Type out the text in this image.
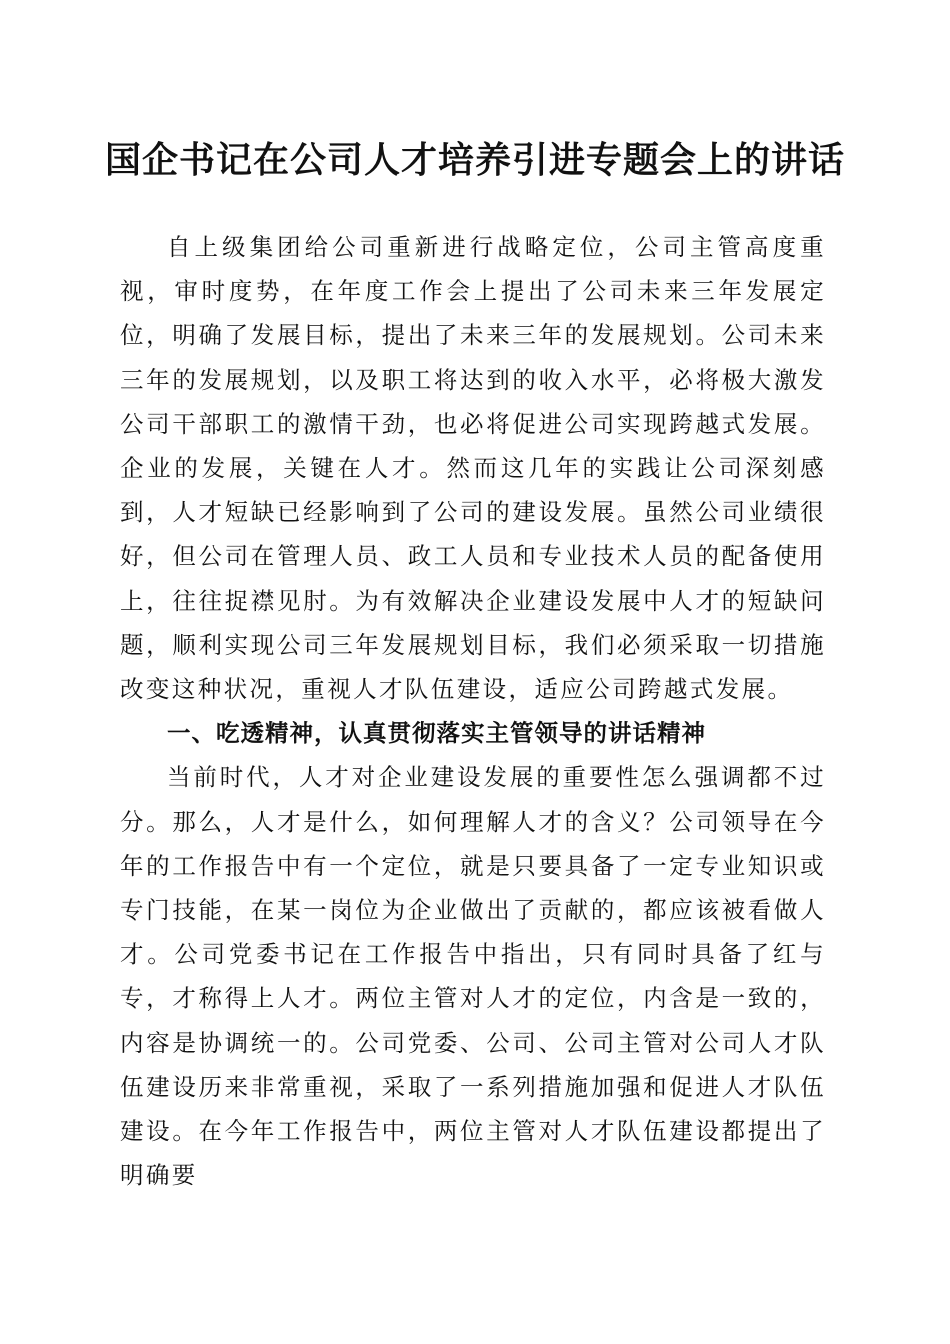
国企书记在公司人才培养引进专题会上的讲话

自上级集团给公司重新进行战略定位，公司主管高度重视，审时度势，在年度工作会上提出了公司未来三年发展定位，明确了发展目标，提出了未来三年的发展规划。公司未来三年的发展规划，以及职工将达到的收入水平，必将极大激发公司干部职工的激情干劲，也必将促进公司实现跨越式发展。企业的发展，关键在人才。然而这几年的实践让公司深刻感到，人才短缺已经影响到了公司的建设发展。虽然公司业绩很好，但公司在管理人员、政工人员和专业技术人员的配备使用上，往往捉襟见肘。为有效解决企业建设发展中人才的短缺问题，顺利实现公司三年发展规划目标，我们必须采取一切措施改变这种状况，重视人才队伍建设，适应公司跨越式发展。

一、吃透精神，认真贯彻落实主管领导的讲话精神

当前时代，人才对企业建设发展的重要性怎么强调都不过分。那么，人才是什么，如何理解人才的含义？公司领导在今年的工作报告中有一个定位，就是只要具备了一定专业知识或专门技能，在某一岗位为企业做出了贡献的，都应该被看做人才。公司党委书记在工作报告中指出，只有同时具备了红与专，才称得上人才。两位主管对人才的定位，内含是一致的，内容是协调统一的。公司党委、公司、公司主管对公司人才队伍建设历来非常重视，采取了一系列措施加强和促进人才队伍建设。在今年工作报告中，两位主管对人才队伍建设都提出了明确要
